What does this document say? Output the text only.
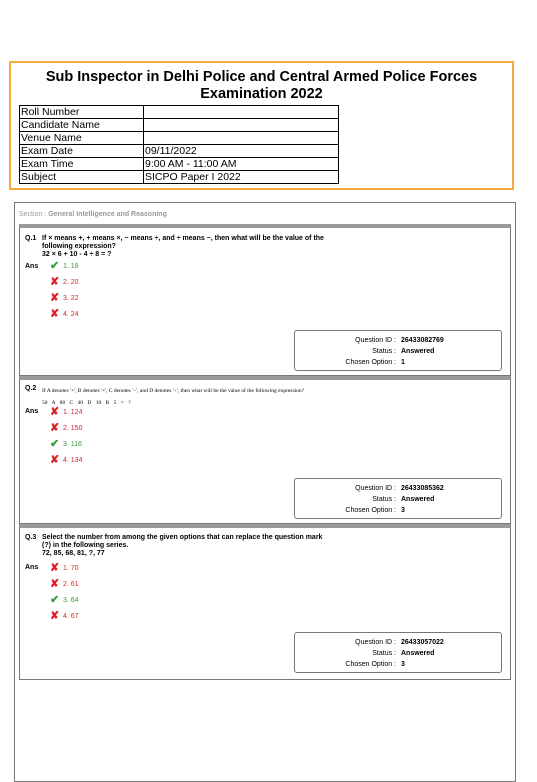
Sub Inspector in Delhi Police and Central Armed Police Forces
Examination 2022
Roll Number	
Candidate Name	
Venue Name	
Exam Date	09/11/2022
Exam Time	9:00 AM - 11:00 AM
Subject	SICPO Paper I 2022
Section : General Intelligence and Reasoning
Q.1 If × means +, + means ×, − means ÷, and ÷ means −, then what will be the value of the
following expression?
32 × 6 + 10 - 4 ÷ 8 = ?
Ans ✔ 1. 18
✘ 2. 20
✘ 3. 22
✘ 4. 24
Question ID : 26433082769
Status : Answered
Chosen Option : 1
Q.2 If A denotes '+', B denotes '×', C denotes '−', and D denotes '÷', then what will be the value of the following expression?
50 A 88 C 40 D 10 B 5 = ?
Ans ✘ 1. 124
✘ 2. 150
✔ 3. 116
✘ 4. 134
Question ID : 26433085362
Status : Answered
Chosen Option : 3
Q.3 Select the number from among the given options that can replace the question mark
(?) in the following series.
72, 85, 68, 81, ?, 77
Ans ✘ 1. 70
✘ 2. 61
✔ 3. 64
✘ 4. 67
Question ID : 26433057022
Status : Answered
Chosen Option : 3
